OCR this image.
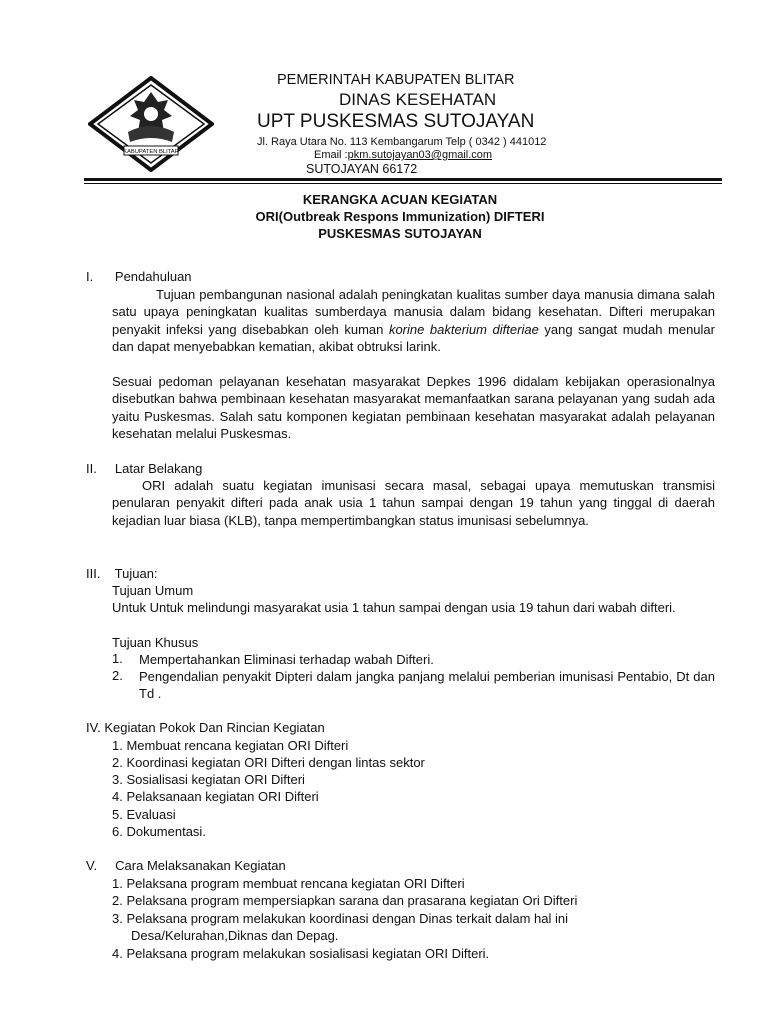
KABUPATEN BLITAR
PEMERINTAH KABUPATEN BLITAR
DINAS KESEHATAN
UPT PUSKESMAS SUTOJAYAN
Jl. Raya Utara No. 113 Kembangarum Telp ( 0342 ) 441012
Email :pkm.sutojayan03@gmail.com
SUTOJAYAN 66172
KERANGKA ACUAN KEGIATAN
ORI(Outbreak Respons Immunization) DIFTERI
PUSKESMAS SUTOJAYAN
I.      Pendahuluan
Tujuan pembangunan nasional adalah peningkatan kualitas sumber daya manusia dimana salah satu upaya peningkatan kualitas sumberdaya manusia dalam bidang kesehatan. Difteri merupakan penyakit infeksi yang disebabkan oleh kuman korine bakterium difteriae yang sangat mudah menular dan dapat menyebabkan kematian, akibat obtruksi larink.
Sesuai pedoman pelayanan kesehatan masyarakat Depkes 1996 didalam kebijakan operasionalnya disebutkan bahwa pembinaan kesehatan masyarakat memanfaatkan sarana pelayanan yang sudah ada yaitu Puskesmas. Salah satu komponen kegiatan pembinaan kesehatan masyarakat adalah pelayanan kesehatan melalui Puskesmas.
II.     Latar Belakang
ORI adalah suatu kegiatan imunisasi secara masal, sebagai upaya memutuskan transmisi penularan penyakit difteri pada anak usia 1 tahun sampai dengan 19 tahun yang tinggal di daerah kejadian luar biasa (KLB), tanpa mempertimbangkan status imunisasi sebelumnya.
III.    Tujuan:
Tujuan Umum
Untuk Untuk melindungi masyarakat usia 1 tahun sampai dengan usia 19 tahun dari wabah difteri.
Tujuan Khusus
1. Mempertahankan Eliminasi terhadap wabah Difteri.
2. Pengendalian penyakit Dipteri dalam jangka panjang melalui pemberian imunisasi Pentabio, Dt dan Td .
IV. Kegiatan Pokok Dan Rincian Kegiatan
1. Membuat rencana kegiatan ORI Difteri
2. Koordinasi kegiatan ORI Difteri dengan lintas sektor
3. Sosialisasi kegiatan ORI Difteri
4. Pelaksanaan kegiatan ORI Difteri
5. Evaluasi
6. Dokumentasi.
V.     Cara Melaksanakan Kegiatan
1. Pelaksana program membuat rencana kegiatan ORI Difteri
2. Pelaksana program mempersiapkan sarana dan prasarana kegiatan Ori Difteri
3. Pelaksana program melakukan koordinasi dengan Dinas terkait dalam hal ini
Desa/Kelurahan,Diknas dan Depag.
4. Pelaksana program melakukan sosialisasi kegiatan ORI Difteri.
